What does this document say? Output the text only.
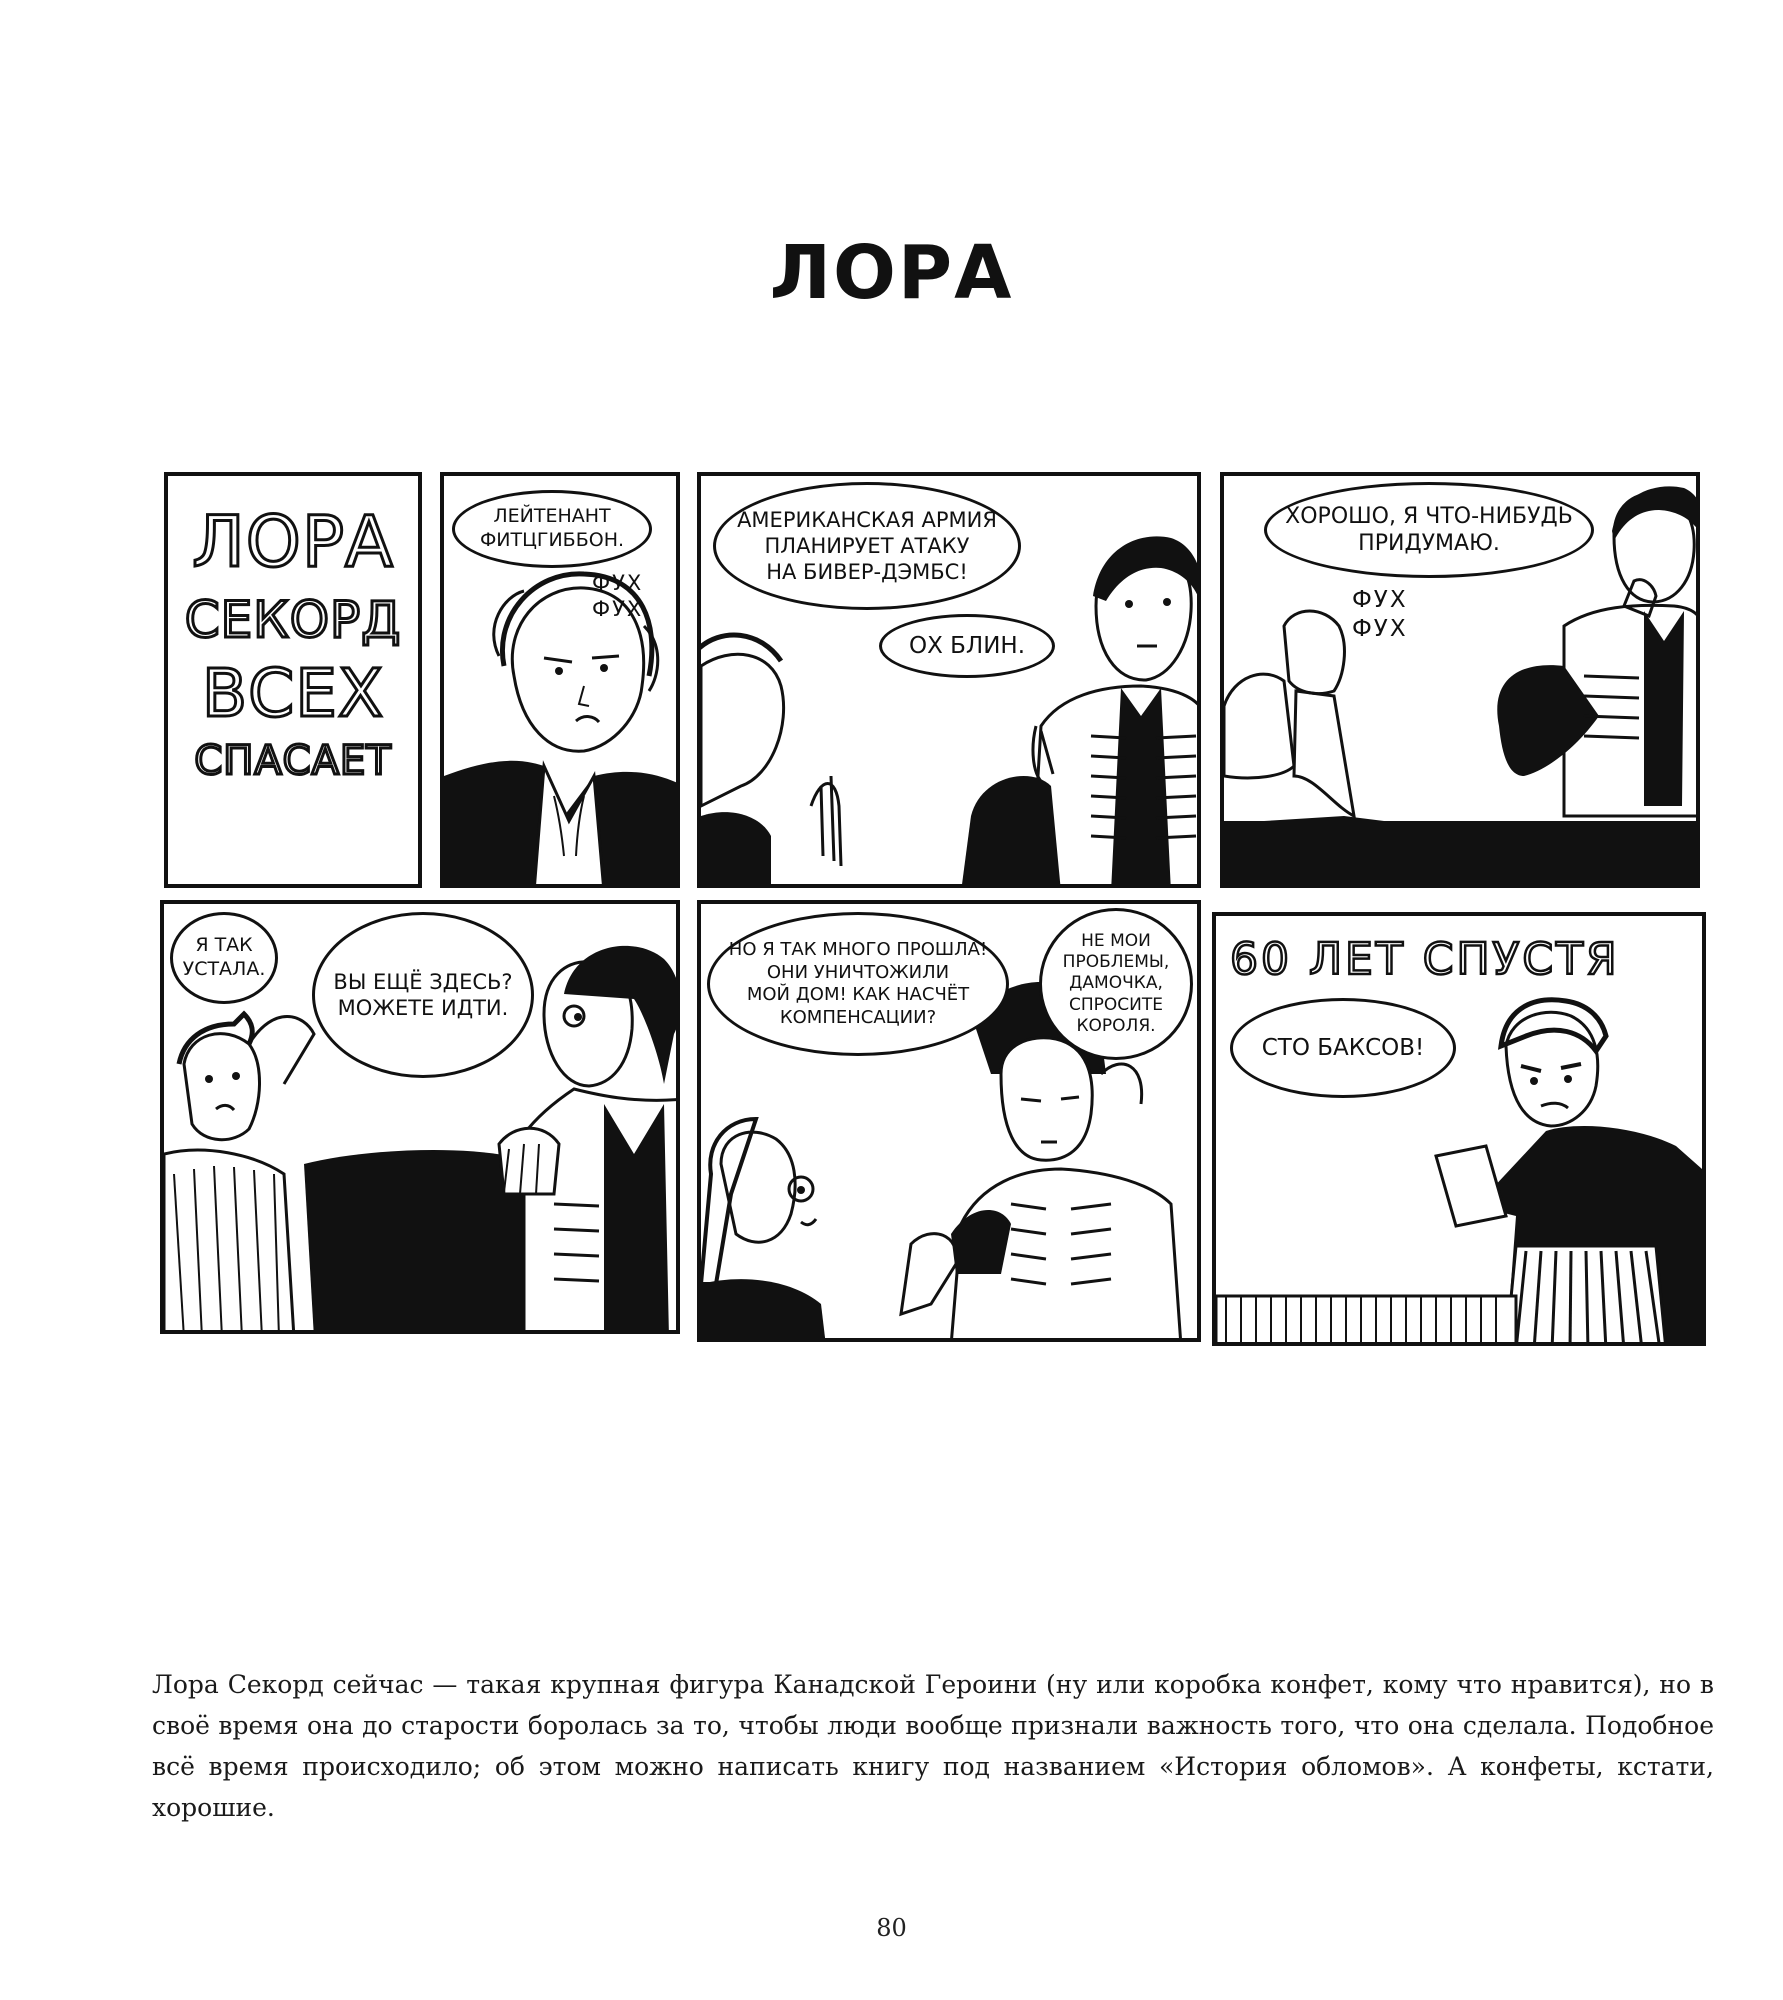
ЛОРА
ЛОРА
СЕКОРД
ВСЕХ
СПАСАЕТ
ЛЕЙТЕНАНТ
ФИТЦГИББОН.
ФУХ
ФУХ
АМЕРИКАНСКАЯ АРМИЯ
ПЛАНИРУЕТ АТАКУ
НА БИВЕР-ДЭМБС!
ОХ БЛИН.
ХОРОШО, Я ЧТО-НИБУДЬ
ПРИДУМАЮ.
ФУХ
ФУХ
Я ТАК
УСТАЛА.
ВЫ ЕЩЁ ЗДЕСЬ?
МОЖЕТЕ ИДТИ.
НО Я ТАК МНОГО ПРОШЛА!
ОНИ УНИЧТОЖИЛИ
МОЙ ДОМ! КАК НАСЧЁТ
КОМПЕНСАЦИИ?
НЕ МОИ
ПРОБЛЕМЫ,
ДАМОЧКА,
СПРОСИТЕ
КОРОЛЯ.
60 ЛЕТ СПУСТЯ
СТО БАКСОВ!
Лора Секорд сейчас — такая крупная фигура Канадской Героини (ну или коробка конфет, кому что нравится), но в своё время она до старости боролась за то, чтобы люди вообще признали важность того, что она сделала. Подобное всё время происходило; об этом можно написать книгу под названием «История обломов». А конфеты, кстати, хорошие.
80
